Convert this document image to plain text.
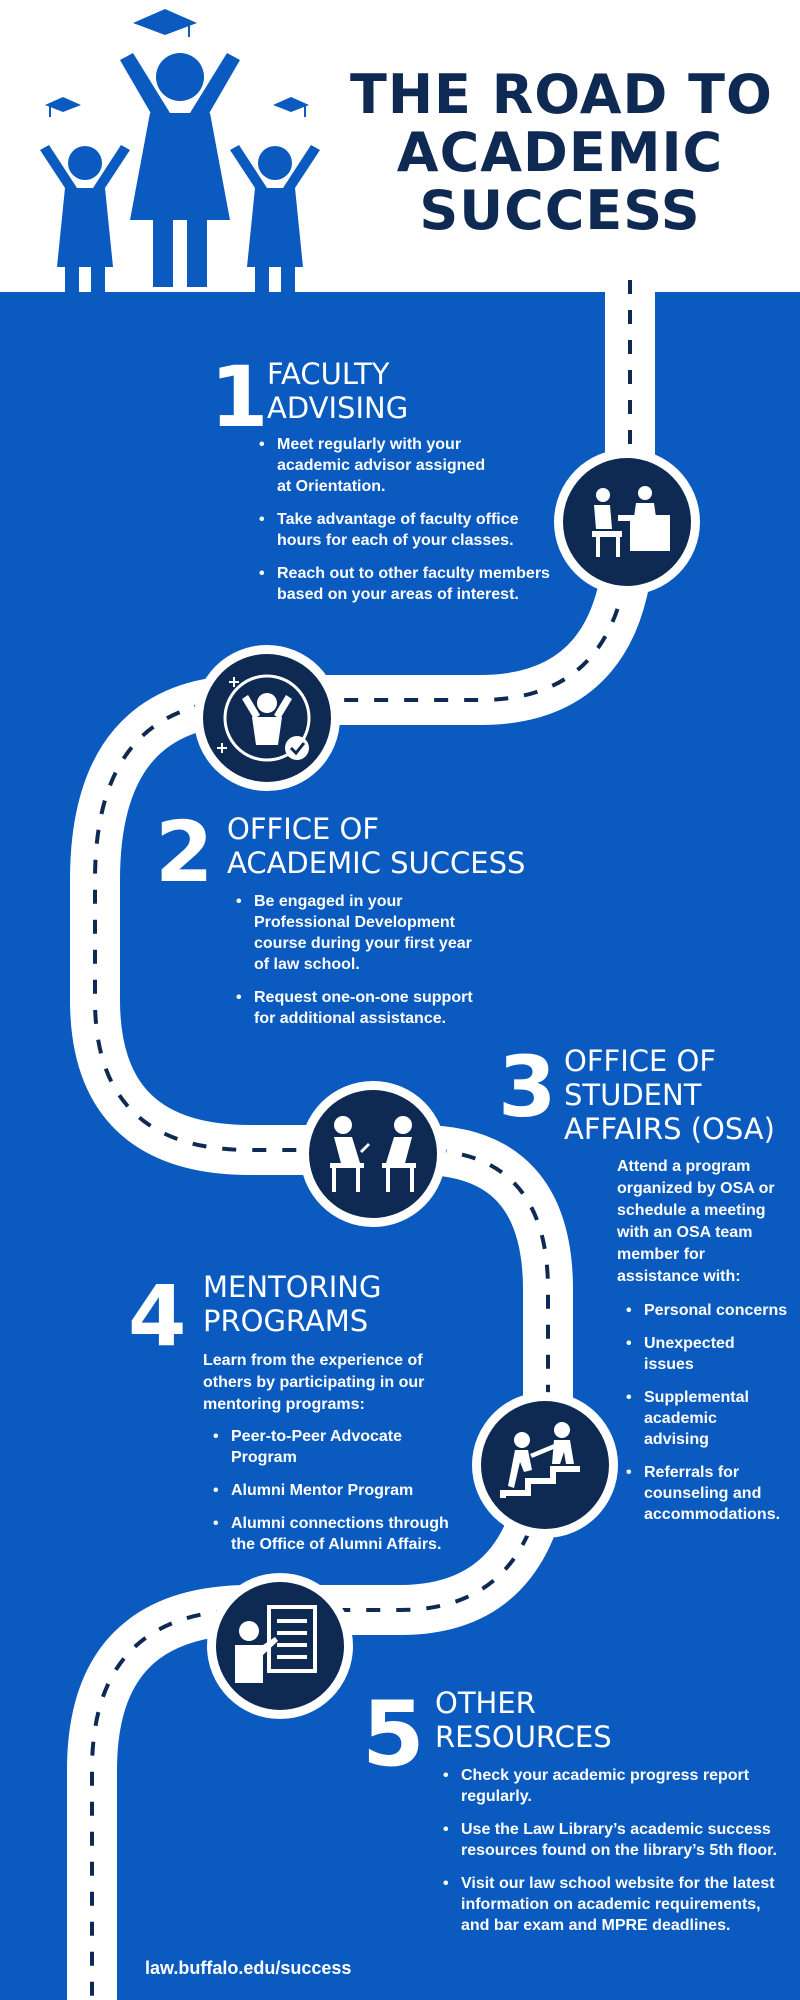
THE ROAD TO
ACADEMIC
SUCCESS
1
FACULTY
ADVISING
• Meet regularly with your academic advisor assigned at Orientation.
• Take advantage of faculty office hours for each of your classes.
• Reach out to other faculty members based on your areas of interest.
2 OFFICE OF
ACADEMIC SUCCESS
• Be engaged in your Professional Development course during your first year of law school.
• Request one-on-one support for additional assistance.
3 OFFICE OF
STUDENT
AFFAIRS (OSA)
Attend a program organized by OSA or schedule a meeting with an OSA team member for assistance with:
• Personal concerns
• Unexpected issues
• Supplemental academic advising
• Referrals for counseling and accommodations.
4 MENTORING
PROGRAMS
Learn from the experience of others by participating in our mentoring programs:
• Peer-to-Peer Advocate Program
• Alumni Mentor Program
• Alumni connections through the Office of Alumni Affairs.
5 OTHER
RESOURCES
• Check your academic progress report regularly.
• Use the Law Library’s academic success resources found on the library’s 5th floor.
• Visit our law school website for the latest information on academic requirements, and bar exam and MPRE deadlines.
law.buffalo.edu/success
